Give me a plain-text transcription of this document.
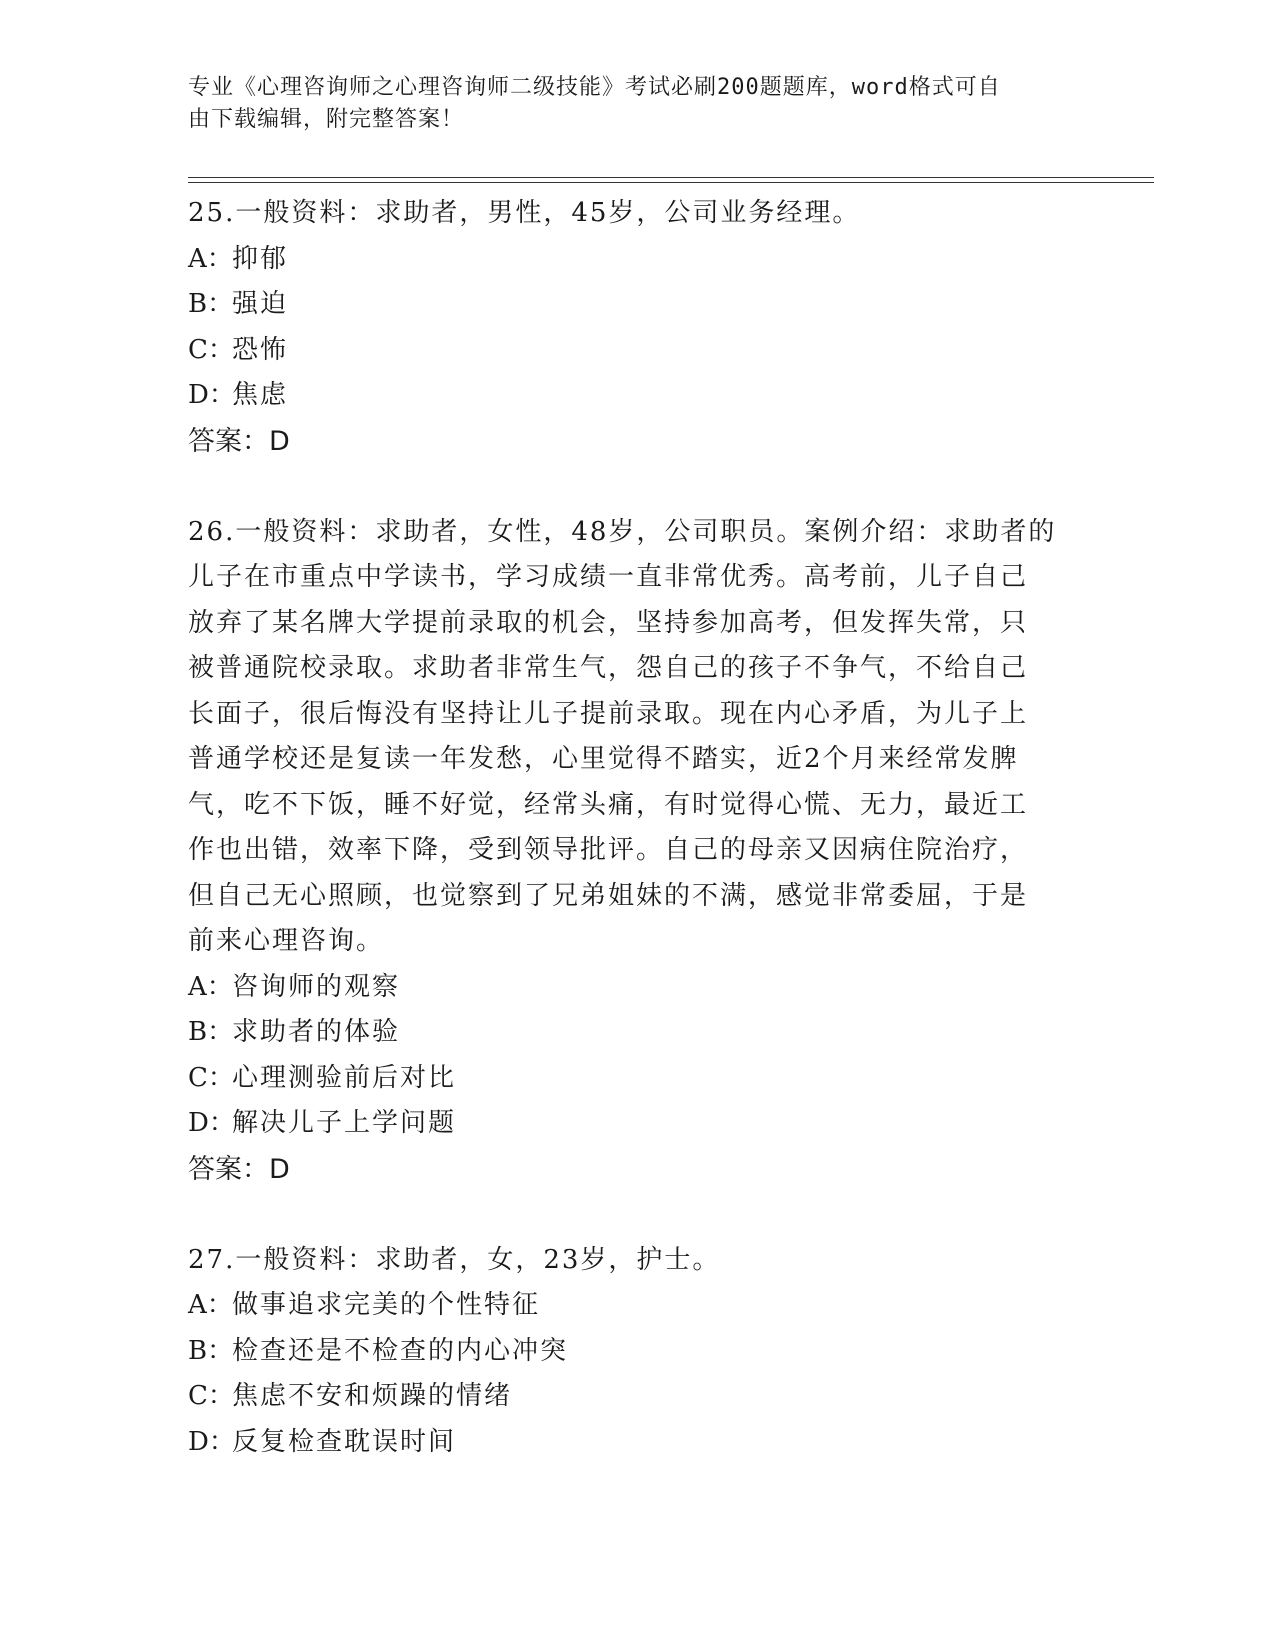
专业《心理咨询师之心理咨询师二级技能》考试必刷200题题库，word格式可自
由下载编辑，附完整答案！

25.一般资料：求助者，男性，45岁，公司业务经理。

A：抑郁

B：强迫

C：恐怖

D：焦虑

答案：D

26.一般资料：求助者，女性，48岁，公司职员。案例介绍：求助者的

儿子在市重点中学读书，学习成绩一直非常优秀。高考前，儿子自己

放弃了某名牌大学提前录取的机会，坚持参加高考，但发挥失常，只

被普通院校录取。求助者非常生气，怨自己的孩子不争气，不给自己

长面子，很后悔没有坚持让儿子提前录取。现在内心矛盾，为儿子上

普通学校还是复读一年发愁，心里觉得不踏实，近2个月来经常发脾

气，吃不下饭，睡不好觉，经常头痛，有时觉得心慌、无力，最近工

作也出错，效率下降，受到领导批评。自己的母亲又因病住院治疗，

但自己无心照顾，也觉察到了兄弟姐妹的不满，感觉非常委屈，于是

前来心理咨询。

A：咨询师的观察

B：求助者的体验

C：心理测验前后对比

D：解决儿子上学问题

答案：D

27.一般资料：求助者，女，23岁，护士。

A：做事追求完美的个性特征

B：检查还是不检查的内心冲突

C：焦虑不安和烦躁的情绪

D：反复检查耽误时间
